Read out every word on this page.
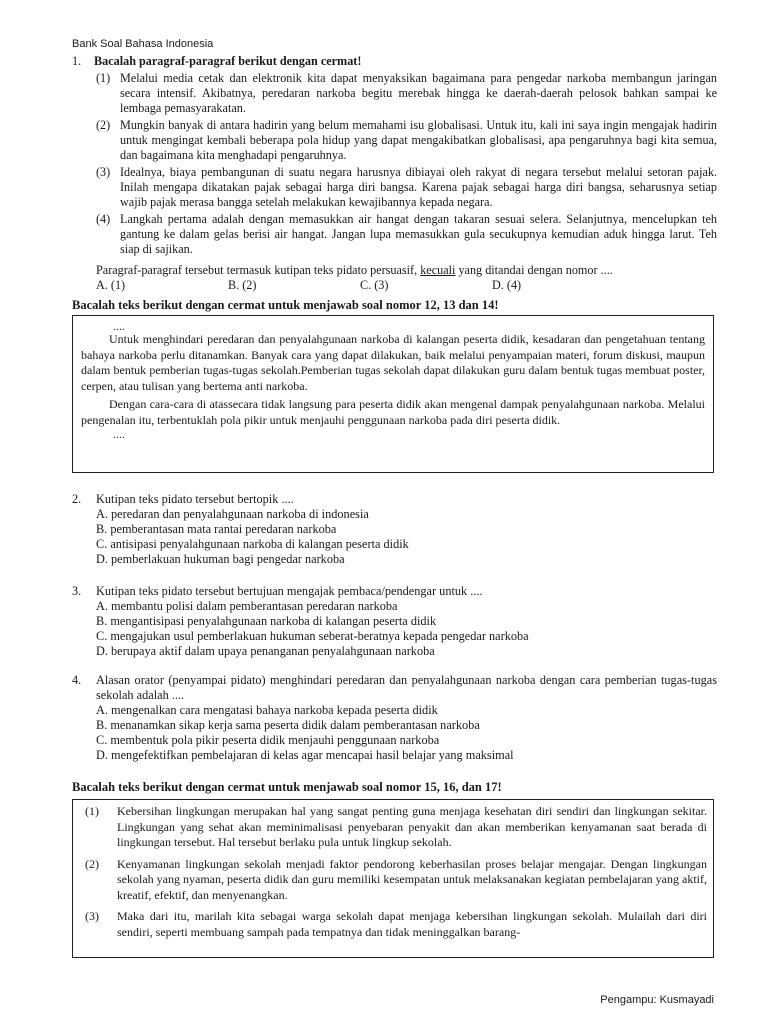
Bank Soal Bahasa Indonesia
1. Bacalah paragraf-paragraf berikut dengan cermat!
(1) Melalui media cetak dan elektronik kita dapat menyaksikan bagaimana para pengedar narkoba membangun jaringan secara intensif. Akibatnya, peredaran narkoba begitu merebak hingga ke daerah-daerah pelosok bahkan sampai ke lembaga pemasyarakatan.
(2) Mungkin banyak di antara hadirin yang belum memahami isu globalisasi. Untuk itu, kali ini saya ingin mengajak hadirin untuk mengingat kembali beberapa pola hidup yang dapat mengakibatkan globalisasi, apa pengaruhnya bagi kita semua, dan bagaimana kita menghadapi pengaruhnya.
(3) Idealnya, biaya pembangunan di suatu negara harusnya dibiayai oleh rakyat di negara tersebut melalui setoran pajak. Inilah mengapa dikatakan pajak sebagai harga diri bangsa. Karena pajak sebagai harga diri bangsa, seharusnya setiap wajib pajak merasa bangga setelah melakukan kewajibannya kepada negara.
(4) Langkah pertama adalah dengan memasukkan air hangat dengan takaran sesuai selera. Selanjutnya, mencelupkan teh gantung ke dalam gelas berisi air hangat. Jangan lupa memasukkan gula secukupnya kemudian aduk hingga larut. Teh siap di sajikan.
Paragraf-paragraf tersebut termasuk kutipan teks pidato persuasif, kecuali yang ditandai dengan nomor ....
A. (1)	B. (2)	C. (3)	D. (4)
Bacalah teks berikut dengan cermat untuk menjawab soal nomor 12, 13 dan 14!
....
Untuk menghindari peredaran dan penyalahgunaan narkoba di kalangan peserta didik, kesadaran dan pengetahuan tentang bahaya narkoba perlu ditanamkan. Banyak cara yang dapat dilakukan, baik melalui penyampaian materi, forum diskusi, maupun dalam bentuk pemberian tugas-tugas sekolah.Pemberian tugas sekolah dapat dilakukan guru dalam bentuk tugas membuat poster, cerpen, atau tulisan yang bertema anti narkoba.
Dengan cara-cara di atassecara tidak langsung para peserta didik akan mengenal dampak penyalahgunaan narkoba. Melalui pengenalan itu, terbentuklah pola pikir untuk menjauhi penggunaan narkoba pada diri peserta didik.
....
2. Kutipan teks pidato tersebut bertopik ....
A. peredaran dan penyalahgunaan narkoba di indonesia
B. pemberantasan mata rantai peredaran narkoba
C. antisipasi penyalahgunaan narkoba di kalangan peserta didik
D. pemberlakuan hukuman bagi pengedar narkoba
3. Kutipan teks pidato tersebut bertujuan mengajak pembaca/pendengar untuk ....
A. membantu polisi dalam pemberantasan peredaran narkoba
B. mengantisipasi penyalahgunaan narkoba di kalangan peserta didik
C. mengajukan usul pemberlakuan hukuman seberat-beratnya kepada pengedar narkoba
D. berupaya aktif dalam upaya penanganan penyalahgunaan narkoba
4. Alasan orator (penyampai pidato) menghindari peredaran dan penyalahgunaan narkoba dengan cara pemberian tugas-tugas sekolah adalah ....
A. mengenalkan cara mengatasi bahaya narkoba kepada peserta didik
B. menanamkan sikap kerja sama peserta didik dalam pemberantasan narkoba
C. membentuk pola pikir peserta didik menjauhi penggunaan narkoba
D. mengefektifkan pembelajaran di kelas agar mencapai hasil belajar yang maksimal
Bacalah teks berikut dengan cermat untuk menjawab soal nomor 15, 16, dan 17!
(1)	Kebersihan lingkungan merupakan hal yang sangat penting guna menjaga kesehatan diri sendiri dan lingkungan sekitar. Lingkungan yang sehat akan meminimalisasi penyebaran penyakit dan akan memberikan kenyamanan saat berada di lingkungan tersebut. Hal tersebut berlaku pula untuk lingkup sekolah.
(2)	Kenyamanan lingkungan sekolah menjadi faktor pendorong keberhasilan proses belajar mengajar. Dengan lingkungan sekolah yang nyaman, peserta didik dan guru memiliki kesempatan untuk melaksanakan kegiatan pembelajaran yang aktif, kreatif, efektif, dan menyenangkan.
(3)	Maka dari itu, marilah kita sebagai warga sekolah dapat menjaga kebersihan lingkungan sekolah. Mulailah dari diri sendiri, seperti membuang sampah pada tempatnya dan tidak meninggalkan barang-
Pengampu: Kusmayadi
